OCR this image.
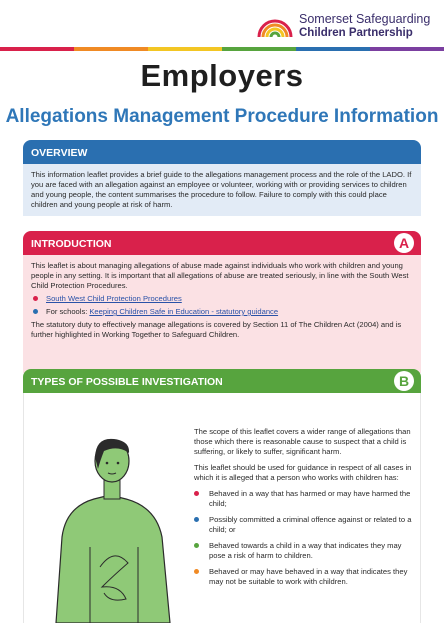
Somerset Safeguarding
Children Partnership
Employers
Allegations Management Procedure Information
OVERVIEW
This information leaflet provides a brief guide to the allegations management process and the role of the LADO. If you are faced with an allegation against an employee or volunteer, working with or providing services to children and young people, the content summarises the procedure to follow. Failure to comply with this could place children and young people at risk of harm.
INTRODUCTION	A
This leaflet is about managing allegations of abuse made against individuals who work with children and young people in any setting. It is important that all allegations of abuse are treated seriously, in line with the South West Child Protection Procedures.
South West Child Protection Procedures
For schools: Keeping Children Safe in Education - statutory guidance
The statutory duty to effectively manage allegations is covered by Section 11 of The Children Act (2004) and is further highlighted in Working Together to Safeguard Children.
TYPES OF POSSIBLE INVESTIGATION	B
The scope of this leaflet covers a wider range of allegations than those which there is reasonable cause to suspect that a child is suffering, or likely to suffer, significant harm.
This leaflet should be used for guidance in respect of all cases in which it is alleged that a person who works with children has:
Behaved in a way that has harmed or may have harmed the child;
Possibly committed a criminal offence against or related to a child; or
Behaved towards a child in a way that indicates they may pose a risk of harm to children.
Behaved or may have behaved in a way that indicates they may not be suitable to work with children.
